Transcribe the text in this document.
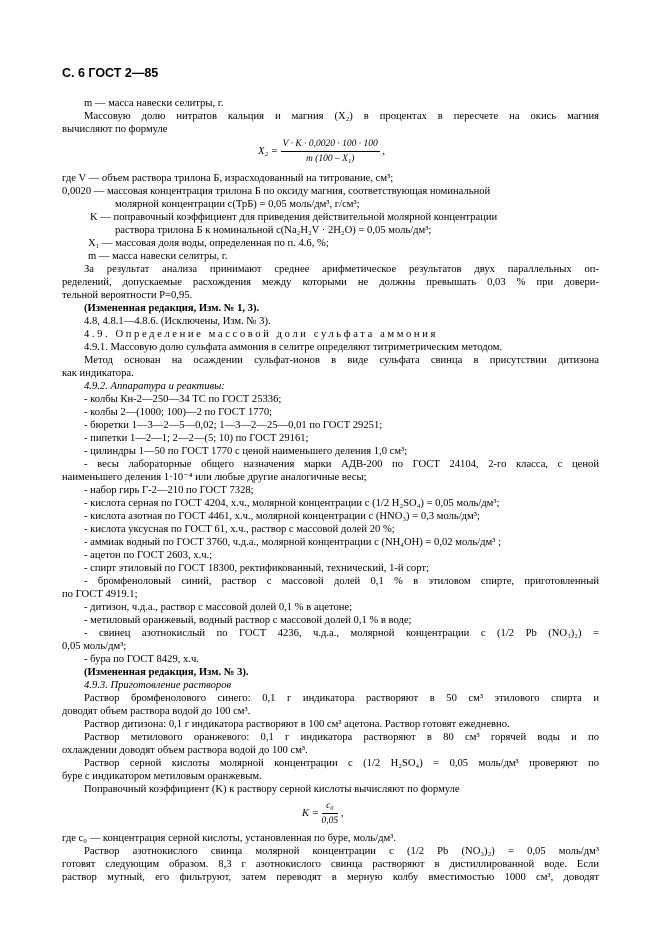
С. 6 ГОСТ 2—85
m — масса навески селитры, г.
Массовую долю нитратов кальция и магния (X₂) в процентах в пересчете на окись магния
вычисляют по формуле
$X_2 = \frac{V \cdot K \cdot 0,0020 \cdot 100 \cdot 100}{\text{m (100 – X₁)}}$ ,
где V — объем раствора трилона Б, израсходованный на титрование, см³;
0,0020 — массовая концентрация трилона Б по оксиду магния, соответствующая номинальной
молярной концентрации c(ТрБ) = 0,05 моль/дм³, г/см³;
K — поправочный коэффициент для приведения действительной молярной концентрации
раствора трилона Б к номинальной c(Na₂H₂V · 2H₂O) = 0,05 моль/дм³;
X₁ — массовая доля воды, определенная по п. 4.6, %;
m — масса навески селитры, г.
За результат анализа принимают среднее арифметическое результатов двух параллельных оп-
ределений, допускаемые расхождения между которыми не должны превышать 0,03 % при довери-
тельной вероятности P=0,95.
(Измененная редакция, Изм. № 1, 3).
4.8, 4.8.1—4.8.6. (Исключены, Изм. № 3).
4.9. Определение массовой доли сульфата аммония
4.9.1. Массовую долю сульфата аммония в селитре определяют титриметрическим методом.
Метод основан на осаждении сульфат-ионов в виде сульфата свинца в присутствии дитизона
как индикатора.
4.9.2. Аппаратура и реактивы:
- колбы Кн-2—250—34 ТС по ГОСТ 25336;
- колбы 2—(1000; 100)—2 по ГОСТ 1770;
- бюретки 1—3—2—5—0,02; 1—3—2—25—0,01 по ГОСТ 29251;
- пипетки 1—2—1; 2—2—(5; 10) по ГОСТ 29161;
- цилиндры 1—50 по ГОСТ 1770 с ценой наименьшего деления 1,0 см³;
- весы лабораторные общего назначения марки АДВ-200 по ГОСТ 24104, 2-го класса, с ценой
наименьшего деления 1·10⁻⁴ или любые другие аналогичные весы;
- набор гирь Г-2—210 по ГОСТ 7328;
- кислота серная по ГОСТ 4204, х.ч., молярной концентрации c (1/2 H₂SO₄) = 0,05 моль/дм³;
- кислота азотная по ГОСТ 4461, х.ч., молярной концентрации c (HNO₃) = 0,3 моль/дм³;
- кислота уксусная по ГОСТ 61, х.ч., раствор с массовой долей 20 %;
- аммиак водный по ГОСТ 3760, ч.д.а., молярной концентрации c (NH₄OH) = 0,02 моль/дм³ ;
- ацетон по ГОСТ 2603, х.ч.;
- спирт этиловый по ГОСТ 18300, ректификованный, технический, 1-й сорт;
- бромфеноловый синий, раствор с массовой долей 0,1 % в этиловом спирте, приготовленный
по ГОСТ 4919.1;
- дитизон, ч.д.а., раствор с массовой долей 0,1 % в ацетоне;
- метиловый оранжевый, водный раствор с массовой долей 0,1 % в воде;
- свинец азотнокислый по ГОСТ 4236, ч.д.а., молярной концентрации c (1/2 Pb (NO₃)₂) =
0,05 моль/дм³;
- бура по ГОСТ 8429, х.ч.
(Измененная редакция, Изм. № 3).
4.9.3. Приготовление растворов
Раствор бромфенолового синего: 0,1 г индикатора растворяют в 50 см³ этилового спирта и
доводят объем раствора водой до 100 см³.
Раствор дитизона: 0,1 г индикатора растворяют в 100 см³ ацетона. Раствор готовят ежедневно.
Раствор метилового оранжевого: 0,1 г индикатора растворяют в 80 см³ горячей воды и по
охлаждении доводят объем раствора водой до 100 см³.
Раствор серной кислоты молярной концентрации c (1/2 H₂SO₄) = 0,05 моль/дм³ проверяют по
буре с индикатором метиловым оранжевым.
Поправочный коэффициент (K) к раствору серной кислоты вычисляют по формуле
$K = \frac{\text{c₀}}{0,05}$ ,
где c₀ — концентрация серной кислоты, установленная по буре, моль/дм³.
Раствор азотнокислого свинца молярной концентрации c (1/2 Pb (NO₃)₂) = 0,05 моль/дм³
готовят следующим образом. 8,3 г азотнокислого свинца растворяют в дистиллированной воде. Если
раствор мутный, его фильтруют, затем переводят в мерную колбу вместимостью 1000 см³, доводят
